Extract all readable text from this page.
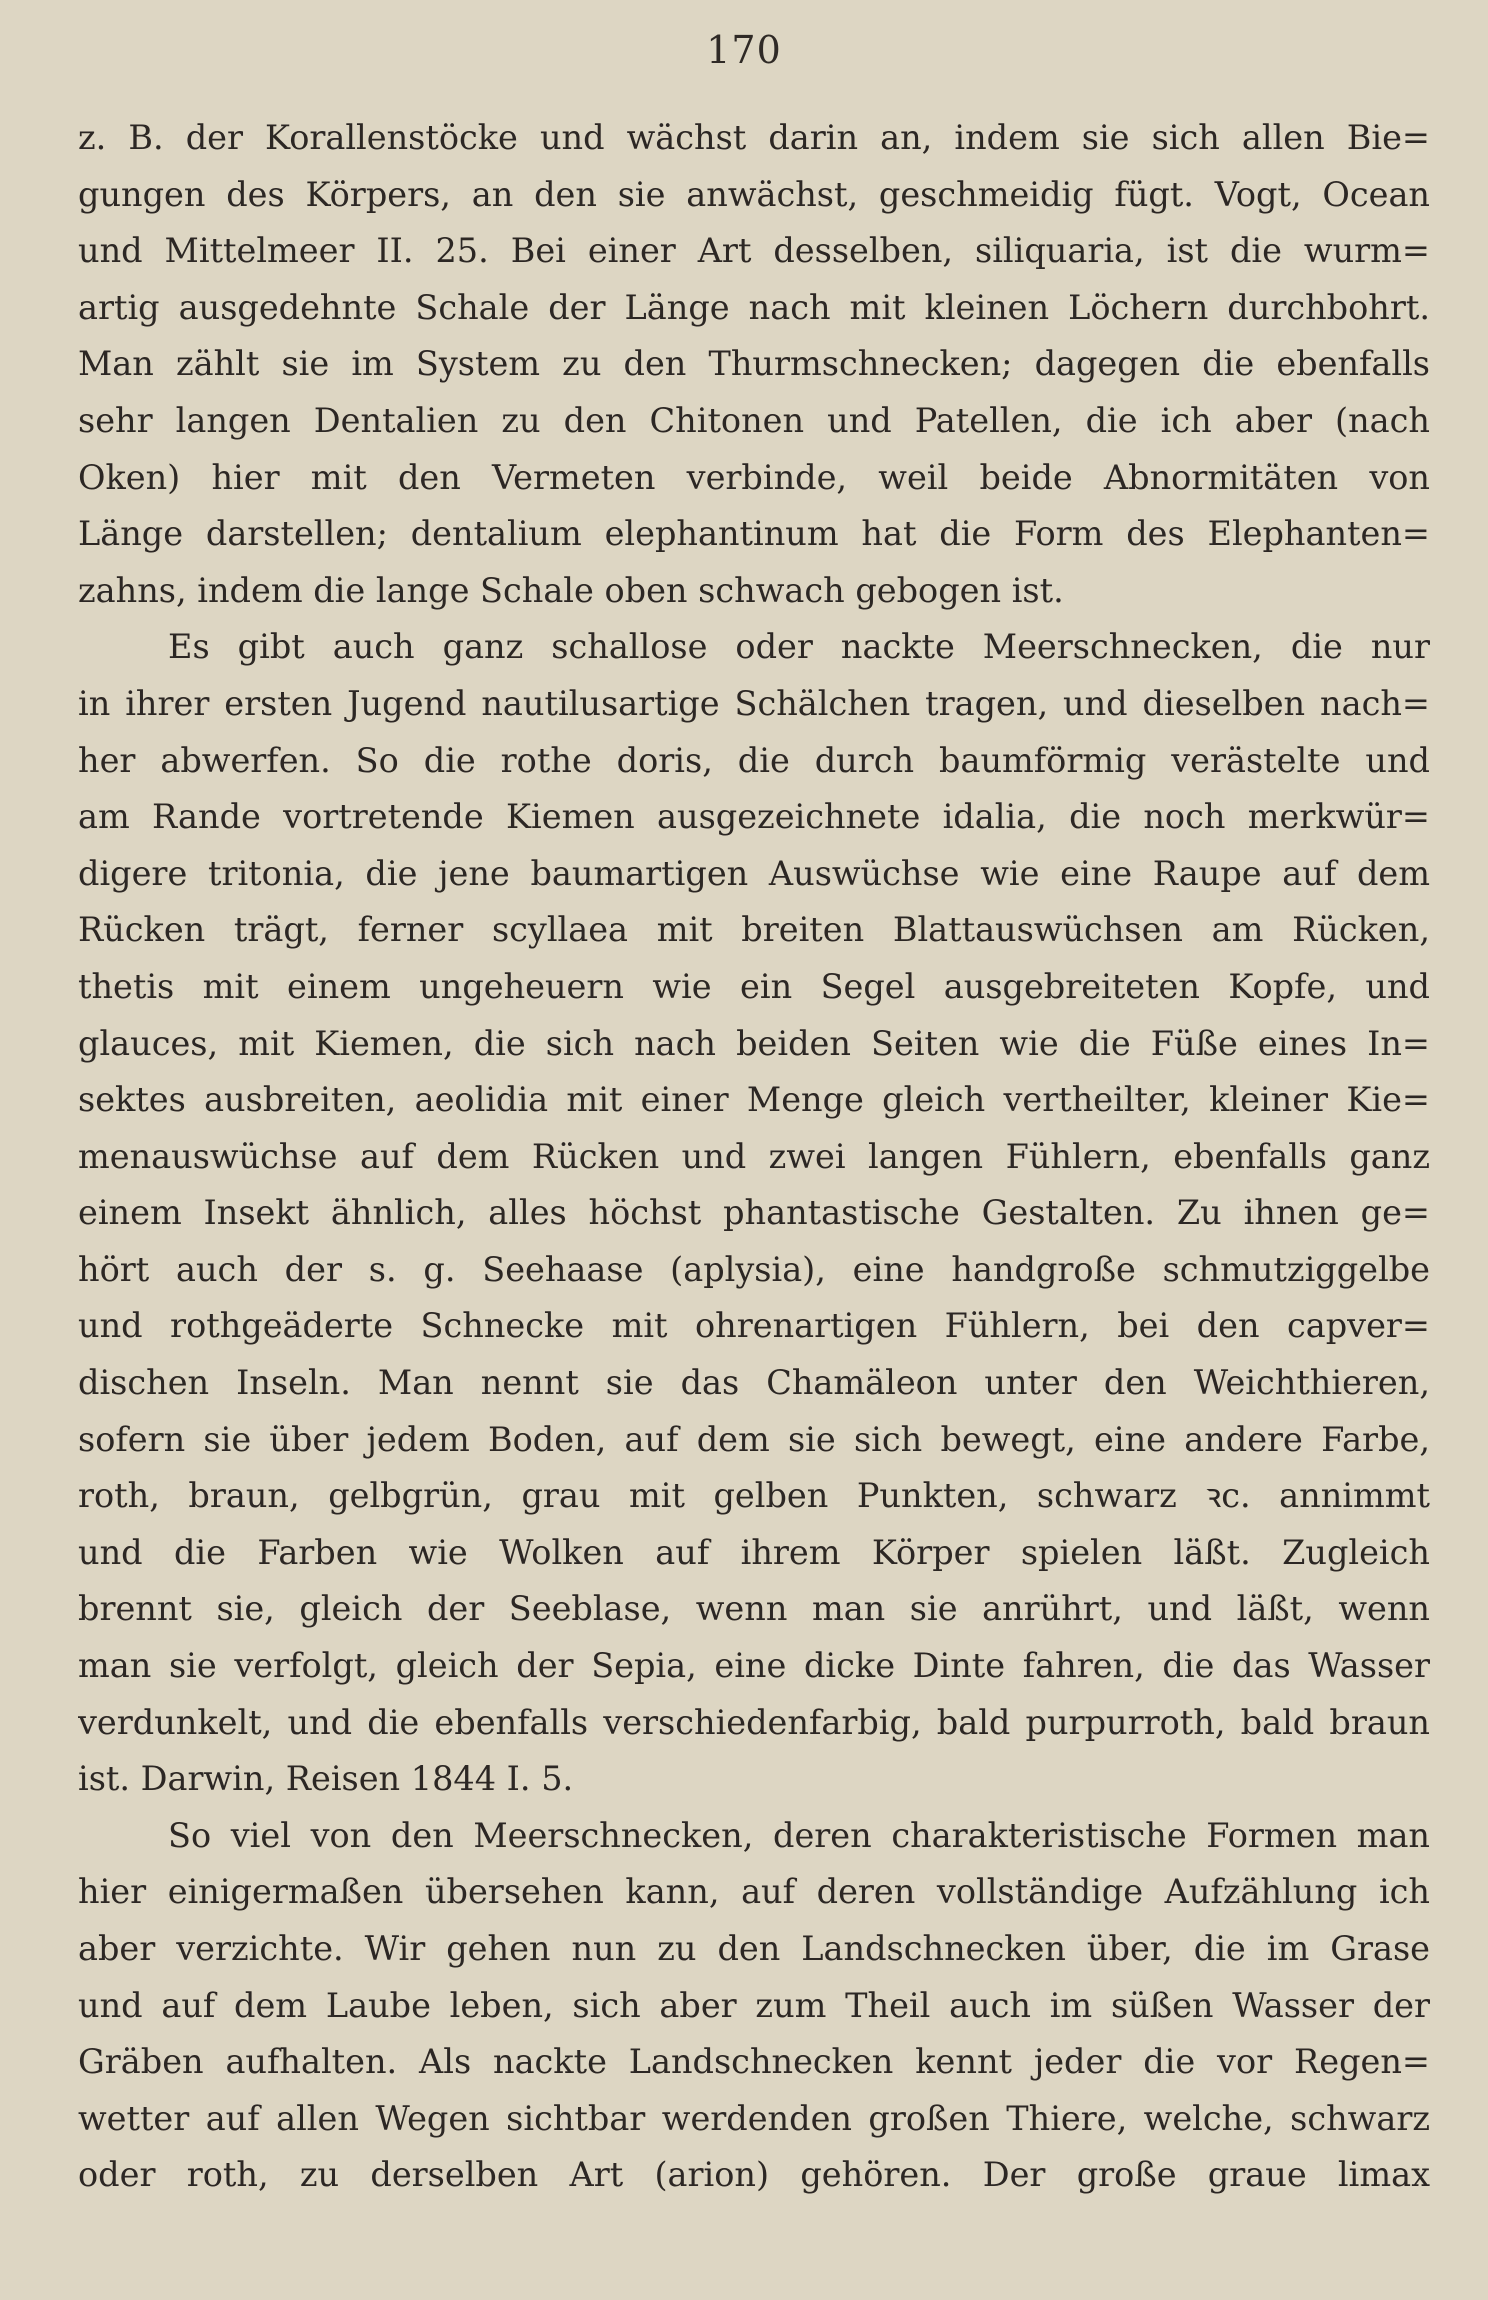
170

z. B. der Korallenstöcke und wächst darin an, indem sie sich allen Bie=
gungen des Körpers, an den sie anwächst, geschmeidig fügt. Vogt, Ocean
und Mittelmeer II. 25. Bei einer Art desselben, siliquaria, ist die wurm=
artig ausgedehnte Schale der Länge nach mit kleinen Löchern durchbohrt.
Man zählt sie im System zu den Thurmschnecken; dagegen die ebenfalls
sehr langen Dentalien zu den Chitonen und Patellen, die ich aber (nach
Oken) hier mit den Vermeten verbinde, weil beide Abnormitäten von
Länge darstellen; dentalium elephantinum hat die Form des Elephanten=
zahns, indem die lange Schale oben schwach gebogen ist.

Es gibt auch ganz schallose oder nackte Meerschnecken, die nur
in ihrer ersten Jugend nautilusartige Schälchen tragen, und dieselben nach=
her abwerfen. So die rothe doris, die durch baumförmig verästelte und
am Rande vortretende Kiemen ausgezeichnete idalia, die noch merkwür=
digere tritonia, die jene baumartigen Auswüchse wie eine Raupe auf dem
Rücken trägt, ferner scyllaea mit breiten Blattauswüchsen am Rücken,
thetis mit einem ungeheuern wie ein Segel ausgebreiteten Kopfe, und
glauces, mit Kiemen, die sich nach beiden Seiten wie die Füße eines In=
sektes ausbreiten, aeolidia mit einer Menge gleich vertheilter, kleiner Kie=
menauswüchse auf dem Rücken und zwei langen Fühlern, ebenfalls ganz
einem Insekt ähnlich, alles höchst phantastische Gestalten. Zu ihnen ge=
hört auch der s. g. Seehaase (aplysia), eine handgroße schmutziggelbe
und rothgeäderte Schnecke mit ohrenartigen Fühlern, bei den capver=
dischen Inseln. Man nennt sie das Chamäleon unter den Weichthieren,
sofern sie über jedem Boden, auf dem sie sich bewegt, eine andere Farbe,
roth, braun, gelbgrün, grau mit gelben Punkten, schwarz ꝛc. annimmt
und die Farben wie Wolken auf ihrem Körper spielen läßt. Zugleich
brennt sie, gleich der Seeblase, wenn man sie anrührt, und läßt, wenn
man sie verfolgt, gleich der Sepia, eine dicke Dinte fahren, die das Wasser
verdunkelt, und die ebenfalls verschiedenfarbig, bald purpurroth, bald braun
ist. Darwin, Reisen 1844 I. 5.

So viel von den Meerschnecken, deren charakteristische Formen man
hier einigermaßen übersehen kann, auf deren vollständige Aufzählung ich
aber verzichte. Wir gehen nun zu den Landschnecken über, die im Grase
und auf dem Laube leben, sich aber zum Theil auch im süßen Wasser der
Gräben aufhalten. Als nackte Landschnecken kennt jeder die vor Regen=
wetter auf allen Wegen sichtbar werdenden großen Thiere, welche, schwarz
oder roth, zu derselben Art (arion) gehören. Der große graue limax
